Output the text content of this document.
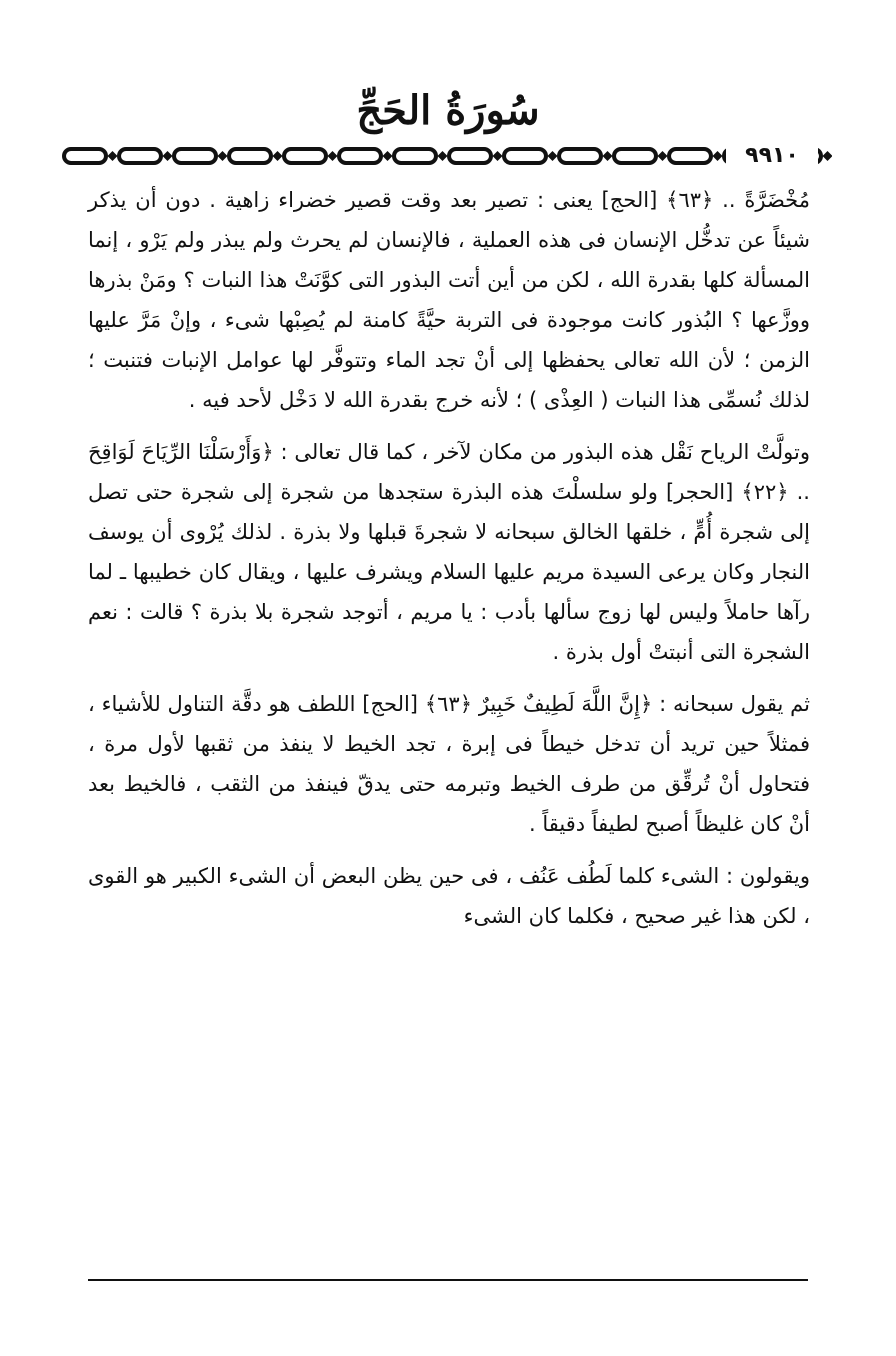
سُورَةُ الحَجِّ
٩٩١٠

مُخْضَرَّةً .. ﴿٦٣﴾ [الحج] يعنى : تصير بعد وقت قصير خضراء زاهية . دون أن يذكر شيئاً عن تدخُّل الإنسان فى هذه العملية ، فالإنسان لم يحرث ولم يبذر ولم يَرْو ، إنما المسألة كلها بقدرة الله ، لكن من أين أتت البذور التى كوَّنَتْ هذا النبات ؟ ومَنْ بذرها ووزَّعها ؟ البُذور كانت موجودة فى التربة حيَّةً كامنة لم يُصِبْها شىء ، وإنْ مَرَّ عليها الزمن ؛ لأن الله تعالى يحفظها إلى أنْ تجد الماء وتتوفَّر لها عوامل الإنبات فتنبت ؛ لذلك نُسمِّى هذا النبات ( العِذْى ) ؛ لأنه خرج بقدرة الله لا دَخْل لأحد فيه .

وتولَّتْ الرياح نَقْل هذه البذور من مكان لآخر ، كما قال تعالى : ﴿وَأَرْسَلْنَا الرِّيَاحَ لَوَاقِحَ .. ﴿٢٢﴾ [الحجر] ولو سلسلْتَ هذه البذرة ستجدها من شجرة إلى شجرة حتى تصل إلى شجرة أُمٍّ ، خلقها الخالق سبحانه لا شجرةَ قبلها ولا بذرة . لذلك يُرْوى أن يوسف النجار وكان يرعى السيدة مريم عليها السلام ويشرف عليها ، ويقال كان خطيبها ـ لما رآها حاملاً وليس لها زوج سألها بأدب : يا مريم ، أتوجد شجرة بلا بذرة ؟ قالت : نعم الشجرة التى أنبتتْ أول بذرة .

ثم يقول سبحانه : ﴿إِنَّ اللَّهَ لَطِيفٌ خَبِيرٌ ﴿٦٣﴾ [الحج] اللطف هو دقَّة التناول للأشياء ، فمثلاً حين تريد أن تدخل خيطاً فى إبرة ، تجد الخيط لا ينفذ من ثقبها لأول مرة ، فتحاول أنْ تُرقِّق من طرف الخيط وتبرمه حتى يدقّ فينفذ من الثقب ، فالخيط بعد أنْ كان غليظاً أصبح لطيفاً دقيقاً .

ويقولون : الشىء كلما لَطُف عَنُف ، فى حين يظن البعض أن الشىء الكبير هو القوى ، لكن هذا غير صحيح ، فكلما كان الشىء
